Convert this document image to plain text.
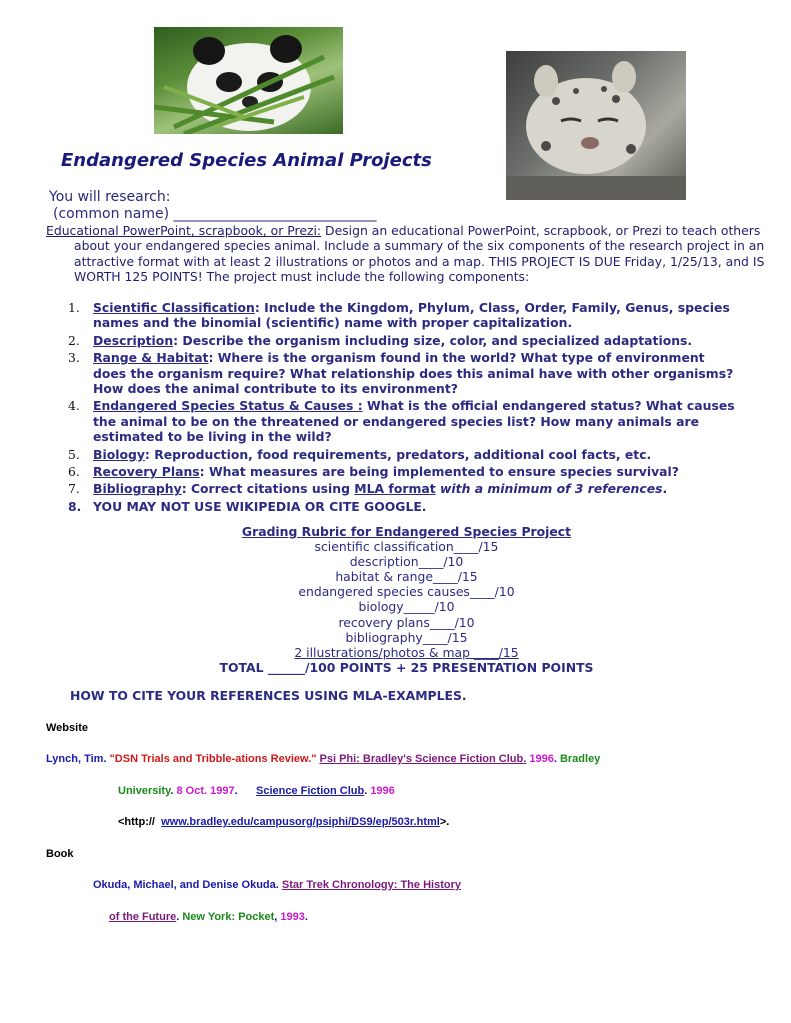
Endangered Species Animal Projects
You will research:
(common name) _____________________________
Educational PowerPoint, scrapbook, or Prezi: Design an educational PowerPoint, scrapbook, or Prezi to teach others about your endangered species animal. Include a summary of the six components of the research project in an attractive format with at least 2 illustrations or photos and a map. THIS PROJECT IS DUE Friday, 1/25/13, and IS WORTH 125 POINTS! The project must include the following components:
1. Scientific Classification: Include the Kingdom, Phylum, Class, Order, Family, Genus, species names and the binomial (scientific) name with proper capitalization.
2. Description: Describe the organism including size, color, and specialized adaptations.
3. Range & Habitat: Where is the organism found in the world? What type of environment does the organism require? What relationship does this animal have with other organisms? How does the animal contribute to its environment?
4. Endangered Species Status & Causes : What is the official endangered status? What causes the animal to be on the threatened or endangered species list? How many animals are estimated to be living in the wild?
5. Biology: Reproduction, food requirements, predators, additional cool facts, etc.
6. Recovery Plans: What measures are being implemented to ensure species survival?
7. Bibliography: Correct citations using MLA format with a minimum of 3 references.
8. YOU MAY NOT USE WIKIPEDIA OR CITE GOOGLE.
Grading Rubric for Endangered Species Project
scientific classification____/15
description____/10
habitat & range____/15
endangered species causes____/10
biology_____/10
recovery plans____/10
bibliography____/15
2 illustrations/photos & map ____/15
TOTAL ______/100 POINTS + 25 PRESENTATION POINTS
HOW TO CITE YOUR REFERENCES USING MLA-EXAMPLES.
Website
Lynch, Tim. "DSN Trials and Tribble-ations Review." Psi Phi: Bradley's Science Fiction Club. 1996. Bradley
University. 8 Oct. 1997.      Science Fiction Club. 1996
<http://  www.bradley.edu/campusorg/psiphi/DS9/ep/503r.html>.
Book
Okuda, Michael, and Denise Okuda. Star Trek Chronology: The History
of the Future. New York: Pocket, 1993.
